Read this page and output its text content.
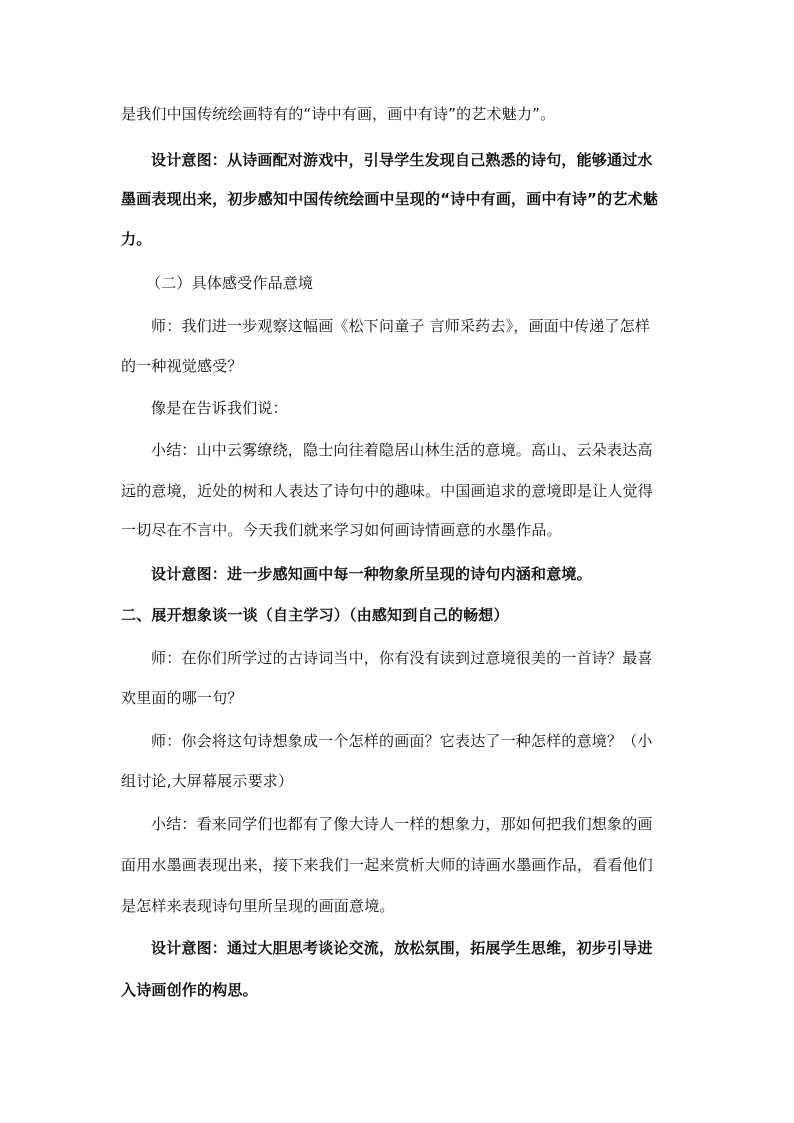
是我们中国传统绘画特有的“诗中有画，画中有诗”的艺术魅力”。
设计意图：从诗画配对游戏中，引导学生发现自己熟悉的诗句，能够通过水
墨画表现出来，初步感知中国传统绘画中呈现的“诗中有画，画中有诗”的艺术魅
力。
（二）具体感受作品意境
师：我们进一步观察这幅画《松下问童子 言师采药去》，画面中传递了怎样
的一种视觉感受？
像是在告诉我们说：
小结：山中云雾缭绕，隐士向往着隐居山林生活的意境。高山、云朵表达高
远的意境，近处的树和人表达了诗句中的趣味。中国画追求的意境即是让人觉得
一切尽在不言中。今天我们就来学习如何画诗情画意的水墨作品。
设计意图：进一步感知画中每一种物象所呈现的诗句内涵和意境。
二、展开想象谈一谈（自主学习）（由感知到自己的畅想）
师：在你们所学过的古诗词当中，你有没有读到过意境很美的一首诗？最喜
欢里面的哪一句？
师：你会将这句诗想象成一个怎样的画面？它表达了一种怎样的意境？（小
组讨论,大屏幕展示要求）
小结：看来同学们也都有了像大诗人一样的想象力，那如何把我们想象的画
面用水墨画表现出来，接下来我们一起来赏析大师的诗画水墨画作品，看看他们
是怎样来表现诗句里所呈现的画面意境。
设计意图：通过大胆思考谈论交流，放松氛围，拓展学生思维，初步引导进
入诗画创作的构思。
